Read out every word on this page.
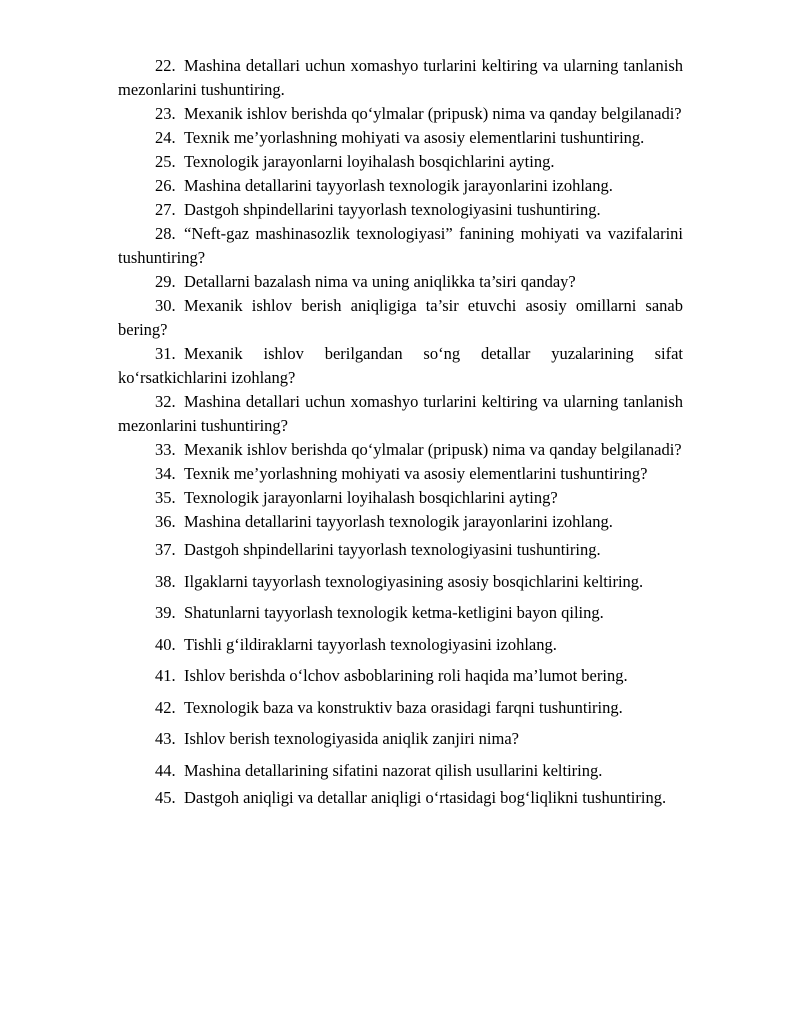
22. Mashina detallari uchun xomashyo turlarini keltiring va ularning tanlanish mezonlarini tushuntiring.

23. Mexanik ishlov berishda qo‘ylmalar (pripusk) nima va qanday belgilanadi?

24. Texnik me’yorlashning mohiyati va asosiy elementlarini tushuntiring.

25. Texnologik jarayonlarni loyihalash bosqichlarini ayting.

26. Mashina detallarini tayyorlash texnologik jarayonlarini izohlang.

27. Dastgoh shpindellarini tayyorlash texnologiyasini tushuntiring.

28. “Neft-gaz mashinasozlik texnologiyasi” fanining mohiyati va vazifalarini tushuntiring?

29. Detallarni bazalash nima va uning aniqlikka ta’siri qanday?

30. Mexanik ishlov berish aniqligiga ta’sir etuvchi asosiy omillarni sanab bering?

31. Mexanik ishlov berilgandan so‘ng detallar yuzalarining sifat ko‘rsatkichlarini izohlang?

32. Mashina detallari uchun xomashyo turlarini keltiring va ularning tanlanish mezonlarini tushuntiring?

33. Mexanik ishlov berishda qo‘ylmalar (pripusk) nima va qanday belgilanadi?

34. Texnik me’yorlashning mohiyati va asosiy elementlarini tushuntiring?

35. Texnologik jarayonlarni loyihalash bosqichlarini ayting?

36. Mashina detallarini tayyorlash texnologik jarayonlarini izohlang.

37. Dastgoh shpindellarini tayyorlash texnologiyasini tushuntiring.

38. Ilgaklarni tayyorlash texnologiyasining asosiy bosqichlarini keltiring.

39. Shatunlarni tayyorlash texnologik ketma-ketligini bayon qiling.

40. Tishli g‘ildiraklarni tayyorlash texnologiyasini izohlang.

41. Ishlov berishda o‘lchov asboblarining roli haqida ma’lumot bering.

42. Texnologik baza va konstruktiv baza orasidagi farqni tushuntiring.

43. Ishlov berish texnologiyasida aniqlik zanjiri nima?

44. Mashina detallarining sifatini nazorat qilish usullarini keltiring.

45. Dastgoh aniqligi va detallar aniqligi o‘rtasidagi bog‘liqlikni tushuntiring.
